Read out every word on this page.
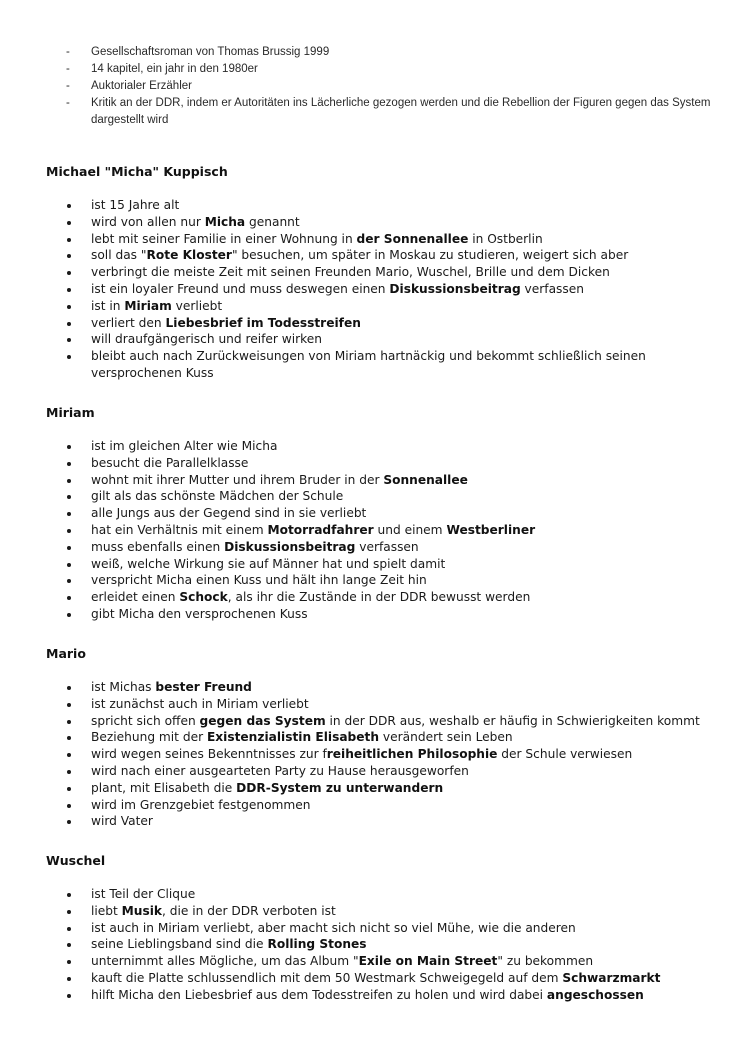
-	Gesellschaftsroman von Thomas Brussig 1999
-	14 kapitel, ein jahr in den 1980er
-	Auktorialer Erzähler
-	Kritik an der DDR, indem er Autoritäten ins Lächerliche gezogen werden und die Rebellion der Figuren gegen das System dargestellt wird
Michael "Micha" Kuppisch
ist 15 Jahre alt
wird von allen nur Micha genannt
lebt mit seiner Familie in einer Wohnung in der Sonnenallee in Ostberlin
soll das "Rote Kloster" besuchen, um später in Moskau zu studieren, weigert sich aber
verbringt die meiste Zeit mit seinen Freunden Mario, Wuschel, Brille und dem Dicken
ist ein loyaler Freund und muss deswegen einen Diskussionsbeitrag verfassen
ist in Miriam verliebt
verliert den Liebesbrief im Todesstreifen
will draufgängerisch und reifer wirken
bleibt auch nach Zurückweisungen von Miriam hartnäckig und bekommt schließlich seinen versprochenen Kuss
Miriam
ist im gleichen Alter wie Micha
besucht die Parallelklasse
wohnt mit ihrer Mutter und ihrem Bruder in der Sonnenallee
gilt als das schönste Mädchen der Schule
alle Jungs aus der Gegend sind in sie verliebt
hat ein Verhältnis mit einem Motorradfahrer und einem Westberliner
muss ebenfalls einen Diskussionsbeitrag verfassen
weiß, welche Wirkung sie auf Männer hat und spielt damit
verspricht Micha einen Kuss und hält ihn lange Zeit hin
erleidet einen Schock, als ihr die Zustände in der DDR bewusst werden
gibt Micha den versprochenen Kuss
Mario
ist Michas bester Freund
ist zunächst auch in Miriam verliebt
spricht sich offen gegen das System in der DDR aus, weshalb er häufig in Schwierigkeiten kommt
Beziehung mit der Existenzialistin Elisabeth verändert sein Leben
wird wegen seines Bekenntnisses zur freiheitlichen Philosophie der Schule verwiesen
wird nach einer ausgearteten Party zu Hause herausgeworfen
plant, mit Elisabeth die DDR-System zu unterwandern
wird im Grenzgebiet festgenommen
wird Vater
Wuschel
ist Teil der Clique
liebt Musik, die in der DDR verboten ist
ist auch in Miriam verliebt, aber macht sich nicht so viel Mühe, wie die anderen
seine Lieblingsband sind die Rolling Stones
unternimmt alles Mögliche, um das Album "Exile on Main Street" zu bekommen
kauft die Platte schlussendlich mit dem 50 Westmark Schweigegeld auf dem Schwarzmarkt
hilft Micha den Liebesbrief aus dem Todesstreifen zu holen und wird dabei angeschossen
